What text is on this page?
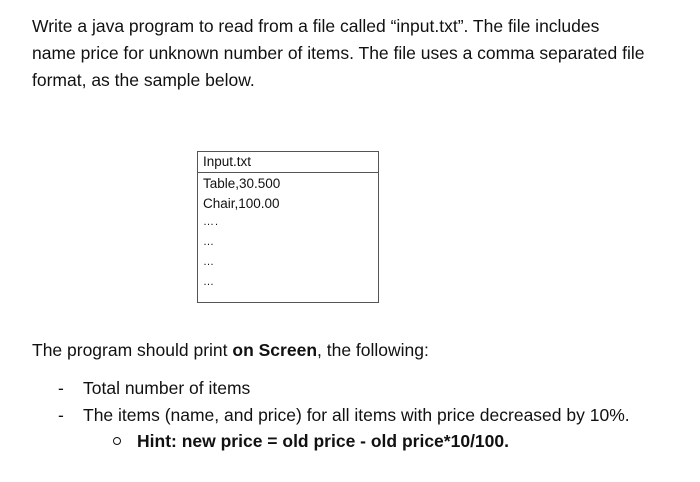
Write a java program to read from a file called “input.txt”. The file includes
name price for unknown number of items. The file uses a comma separated file
format, as the sample below.
Input.txt
Table,30.500
Chair,100.00
….
…
…
…
The program should print on Screen, the following:
- Total number of items
- The items (name, and price) for all items with price decreased by 10%.
Hint: new price = old price - old price*10/100.
